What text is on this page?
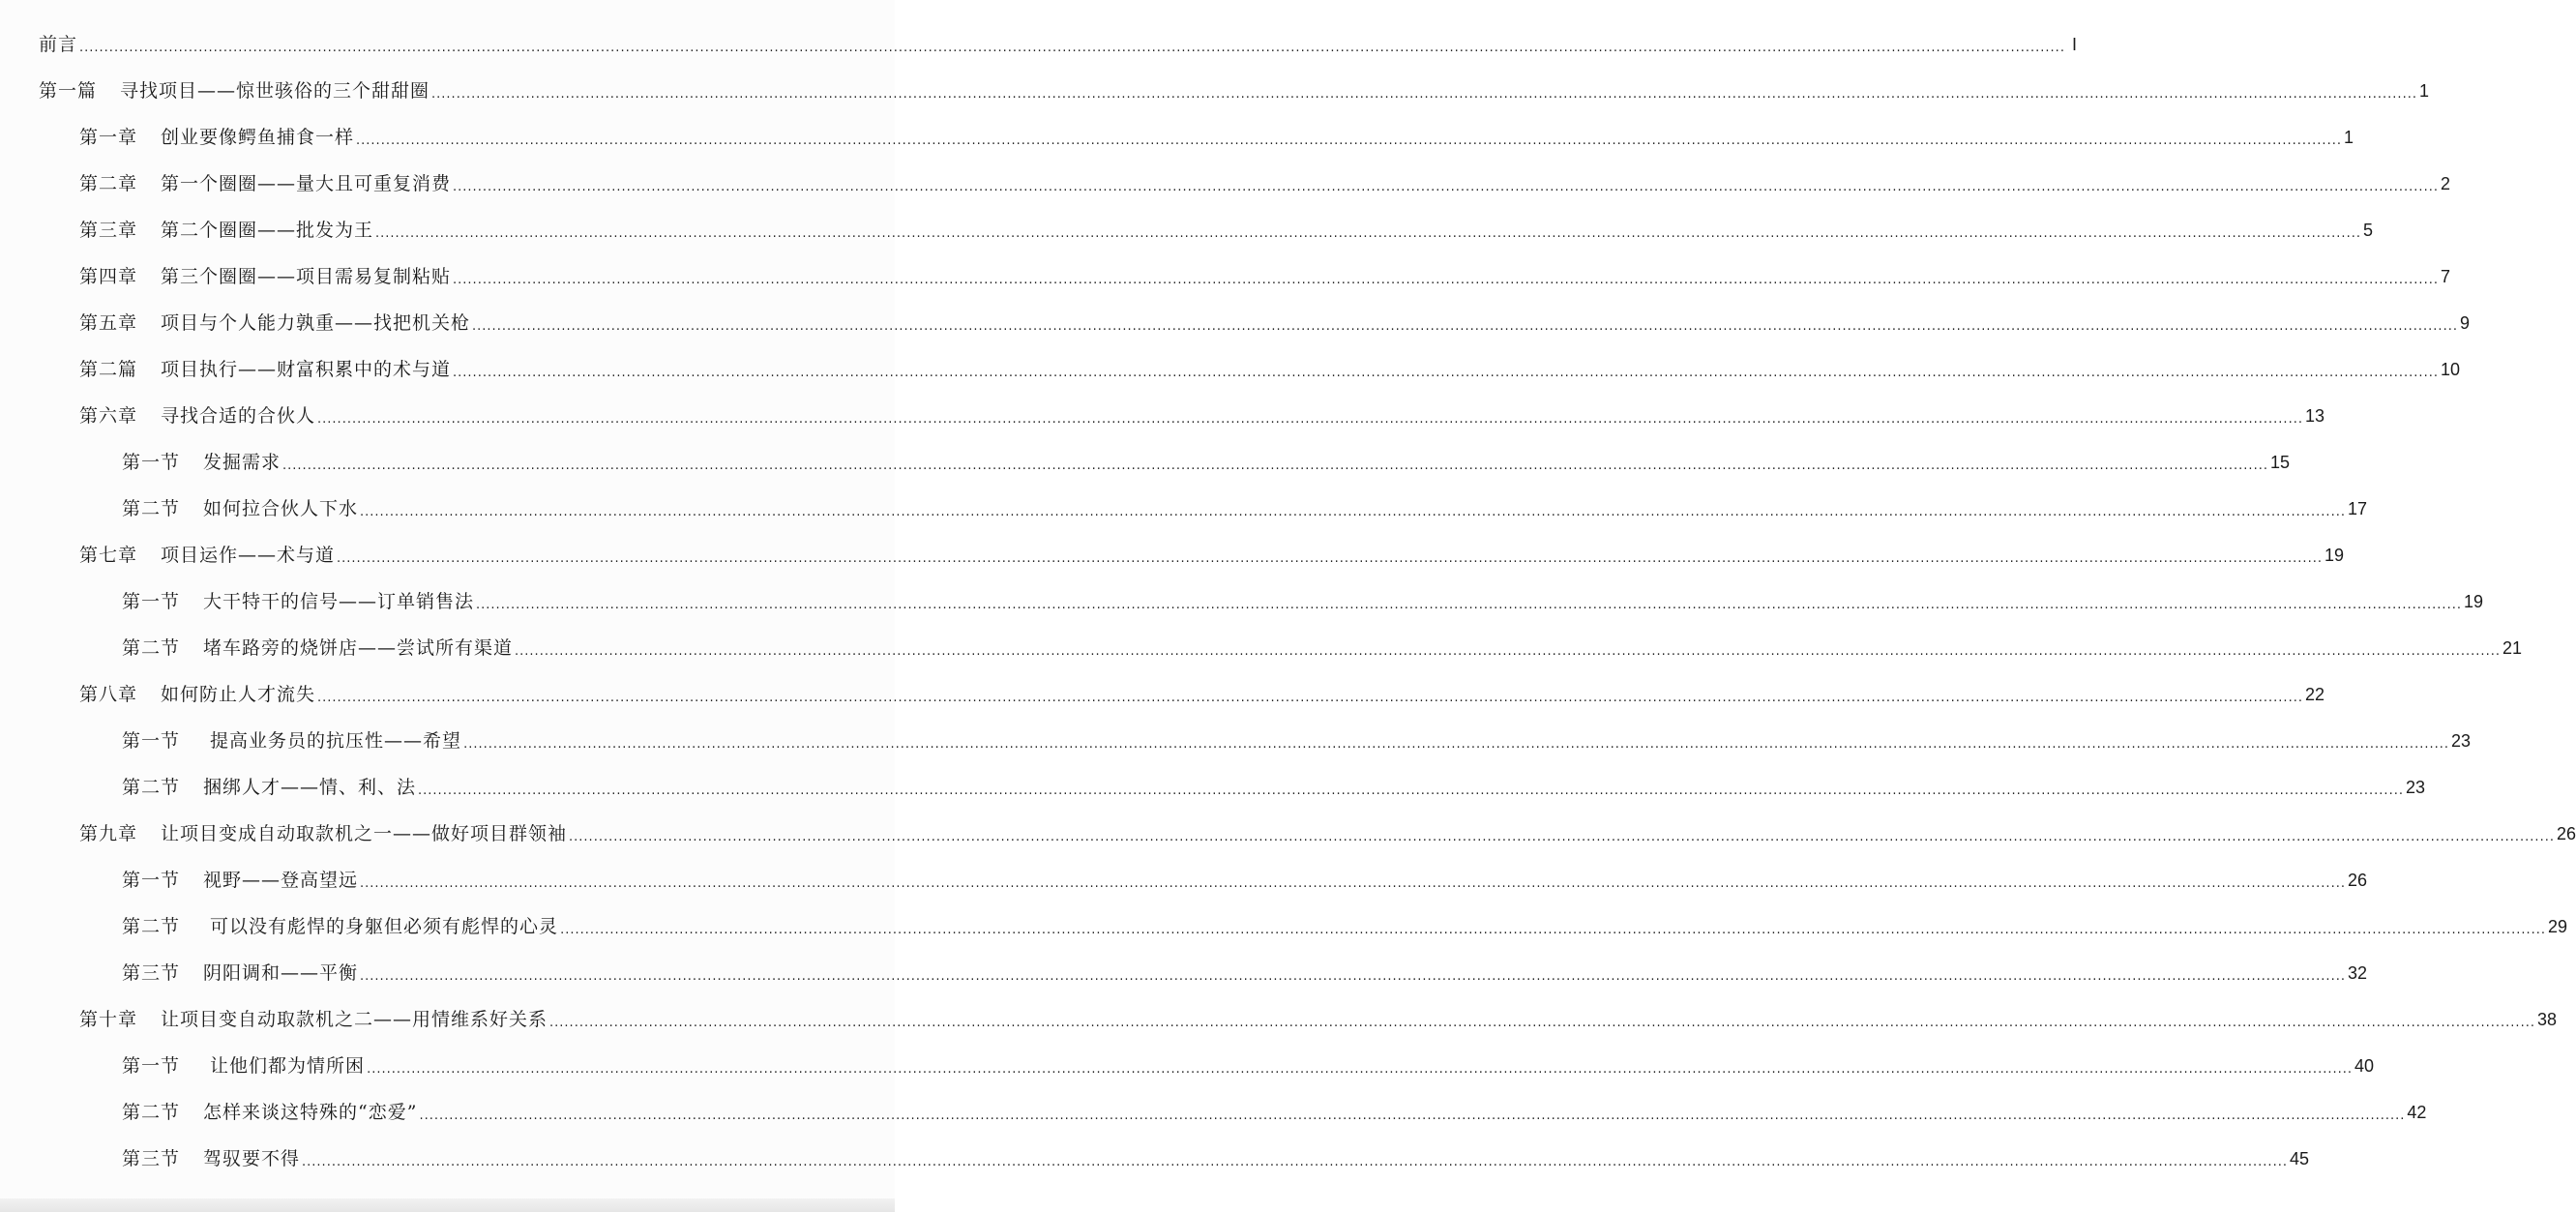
前言 ................................................................................................................................................................................................................................................................................................................................................................................................................ I
第一篇 寻找项目——惊世骇俗的三个甜甜圈 ................................................................................................................................................................................................................................................................................................................................................................................................................ 1
第一章 创业要像鳄鱼捕食一样 ................................................................................................................................................................................................................................................................................................................................................................................................................ 1
第二章 第一个圈圈——量大且可重复消费 ................................................................................................................................................................................................................................................................................................................................................................................................................ 2
第三章 第二个圈圈——批发为王 ................................................................................................................................................................................................................................................................................................................................................................................................................ 5
第四章 第三个圈圈——项目需易复制粘贴 ................................................................................................................................................................................................................................................................................................................................................................................................................ 7
第五章 项目与个人能力孰重——找把机关枪 ................................................................................................................................................................................................................................................................................................................................................................................................................ 9
第二篇 项目执行——财富积累中的术与道 ................................................................................................................................................................................................................................................................................................................................................................................................................ 10
第六章 寻找合适的合伙人 ................................................................................................................................................................................................................................................................................................................................................................................................................ 13
第一节 发掘需求 ................................................................................................................................................................................................................................................................................................................................................................................................................ 15
第二节 如何拉合伙人下水 ................................................................................................................................................................................................................................................................................................................................................................................................................ 17
第七章 项目运作——术与道 ................................................................................................................................................................................................................................................................................................................................................................................................................ 19
第一节 大干特干的信号——订单销售法 ................................................................................................................................................................................................................................................................................................................................................................................................................ 19
第二节 堵车路旁的烧饼店——尝试所有渠道 ................................................................................................................................................................................................................................................................................................................................................................................................................ 21
第八章 如何防止人才流失 ................................................................................................................................................................................................................................................................................................................................................................................................................ 22
第一节 提高业务员的抗压性——希望 ................................................................................................................................................................................................................................................................................................................................................................................................................ 23
第二节 捆绑人才——情、利、法 ................................................................................................................................................................................................................................................................................................................................................................................................................ 23
第九章 让项目变成自动取款机之一——做好项目群领袖 ................................................................................................................................................................................................................................................................................................................................................................................................................ 26
第一节 视野——登高望远 ................................................................................................................................................................................................................................................................................................................................................................................................................ 26
第二节 可以没有彪悍的身躯但必须有彪悍的心灵 ................................................................................................................................................................................................................................................................................................................................................................................................................ 29
第三节 阴阳调和——平衡 ................................................................................................................................................................................................................................................................................................................................................................................................................ 32
第十章 让项目变自动取款机之二——用情维系好关系 ................................................................................................................................................................................................................................................................................................................................................................................................................ 38
第一节 让他们都为情所困 ................................................................................................................................................................................................................................................................................................................................................................................................................ 40
第二节 怎样来谈这特殊的“恋爱” ................................................................................................................................................................................................................................................................................................................................................................................................................ 42
第三节 驾驭要不得 ................................................................................................................................................................................................................................................................................................................................................................................................................ 45
